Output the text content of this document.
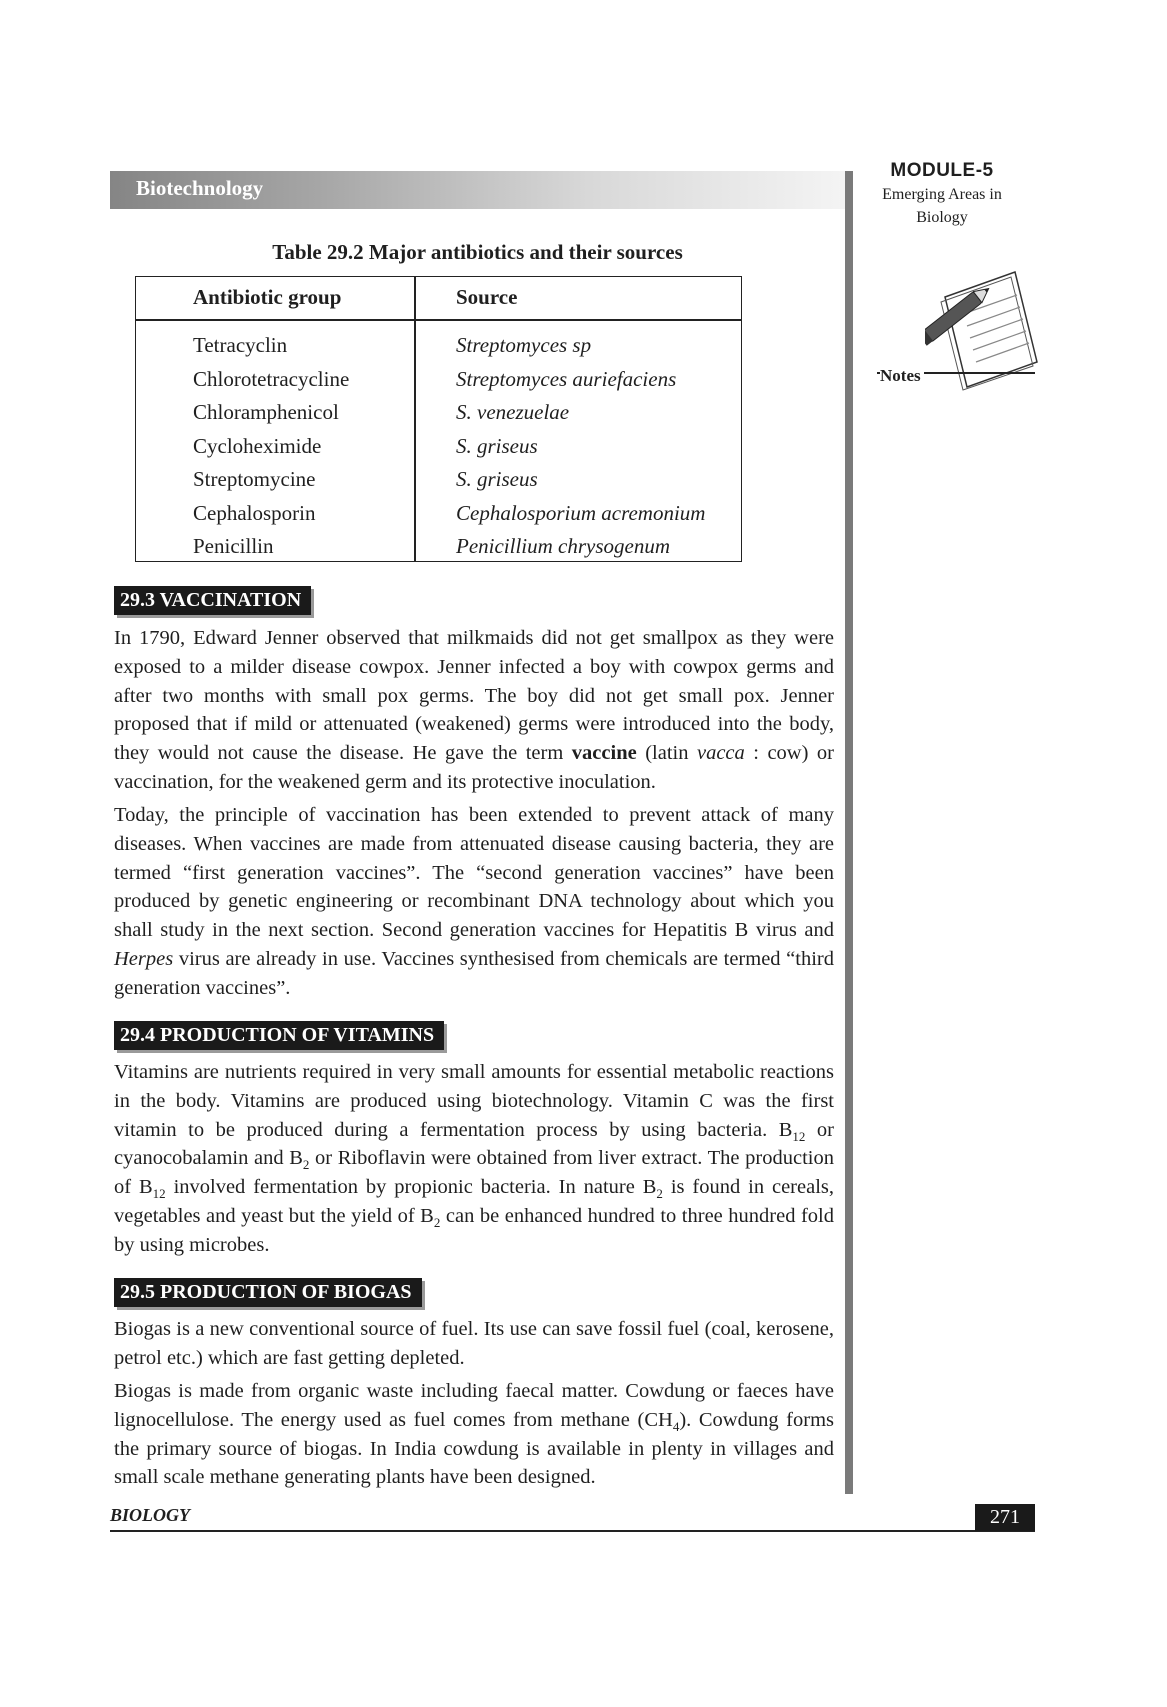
Biotechnology
MODULE-5
Emerging Areas in
Biology
Notes
Table 29.2 Major antibiotics and their sources
Antibiotic group	Source
Tetracyclin	Streptomyces sp
Chlorotetracycline	Streptomyces auriefaciens
Chloramphenicol	S. venezuelae
Cycloheximide	S. griseus
Streptomycine	S. griseus
Cephalosporin	Cephalosporium acremonium
Penicillin	Penicillium chrysogenum
29.3 VACCINATION

In 1790, Edward Jenner observed that milkmaids did not get smallpox as they were exposed to a milder disease cowpox. Jenner infected a boy with cowpox germs and after two months with small pox germs. The boy did not get small pox. Jenner proposed that if mild or attenuated (weakened) germs were introduced into the body, they would not cause the disease. He gave the term vaccine (latin vacca : cow) or vaccination, for the weakened germ and its protective inoculation.

Today, the principle of vaccination has been extended to prevent attack of many diseases. When vaccines are made from attenuated disease causing bacteria, they are termed “first generation vaccines”. The “second generation vaccines” have been produced by genetic engineering or recombinant DNA technology about which you shall study in the next section. Second generation vaccines for Hepatitis B virus and Herpes virus are already in use. Vaccines synthesised from chemicals are termed “third generation vaccines”.

29.4 PRODUCTION OF VITAMINS

Vitamins are nutrients required in very small amounts for essential metabolic reactions in the body. Vitamins are produced using biotechnology. Vitamin C was the first vitamin to be produced during a fermentation process by using bacteria. $B_{12}$ or cyanocobalamin and $B_2$ or Riboflavin were obtained from liver extract. The production of $B_{12}$ involved fermentation by propionic bacteria. In nature $B_2$ is found in cereals, vegetables and yeast but the yield of $B_2$ can be enhanced hundred to three hundred fold by using microbes.

29.5 PRODUCTION OF BIOGAS

Biogas is a new conventional source of fuel. Its use can save fossil fuel (coal, kerosene, petrol etc.) which are fast getting depleted.

Biogas is made from organic waste including faecal matter. Cowdung or faeces have lignocellulose. The energy used as fuel comes from methane $(CH_4)$. Cowdung forms the primary source of biogas. In India cowdung is available in plenty in villages and small scale methane generating plants have been designed.

BIOLOGY	271
